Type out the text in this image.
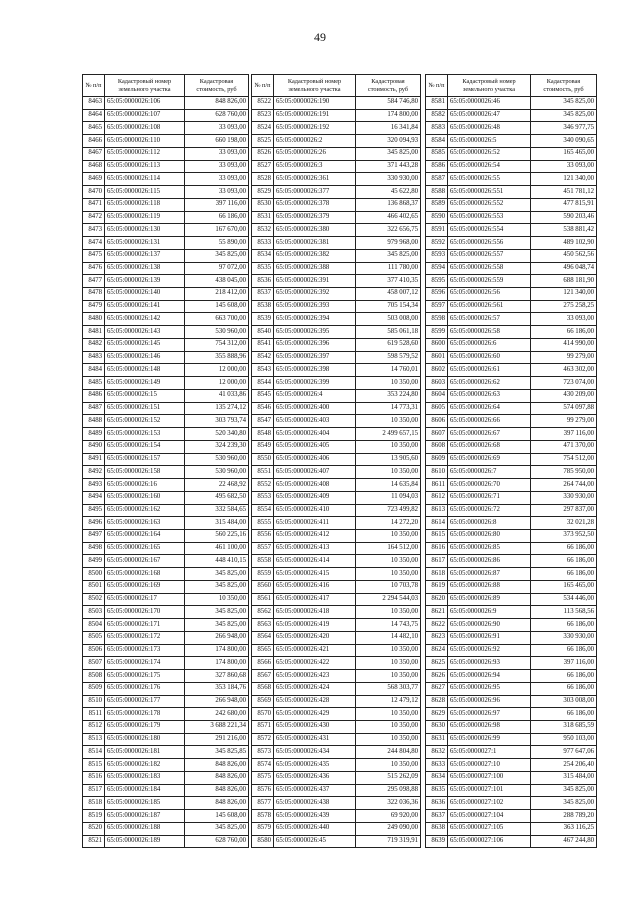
49
№ п/п	Кадастровый номер земельного участка	Кадастровая стоимость, руб
8463	65:05:0000026:106	848 826,00
8464	65:05:0000026:107	628 760,00
8465	65:05:0000026:108	33 093,00
8466	65:05:0000026:110	660 198,00
8467	65:05:0000026:112	33 093,00
8468	65:05:0000026:113	33 093,00
8469	65:05:0000026:114	33 093,00
8470	65:05:0000026:115	33 093,00
8471	65:05:0000026:118	397 116,00
8472	65:05:0000026:119	66 186,00
8473	65:05:0000026:130	167 670,00
8474	65:05:0000026:131	55 890,00
8475	65:05:0000026:137	345 825,00
8476	65:05:0000026:138	97 072,00
8477	65:05:0000026:139	438 045,00
8478	65:05:0000026:140	218 412,00
8479	65:05:0000026:141	145 608,00
8480	65:05:0000026:142	663 700,00
8481	65:05:0000026:143	530 960,00
8482	65:05:0000026:145	754 312,00
8483	65:05:0000026:146	355 888,96
8484	65:05:0000026:148	12 000,00
8485	65:05:0000026:149	12 000,00
8486	65:05:0000026:15	41 033,86
8487	65:05:0000026:151	135 274,12
8488	65:05:0000026:152	303 793,74
8489	65:05:0000026:153	520 340,80
8490	65:05:0000026:154	324 239,30
8491	65:05:0000026:157	530 960,00
8492	65:05:0000026:158	530 960,00
8493	65:05:0000026:16	22 468,92
8494	65:05:0000026:160	495 682,50
8495	65:05:0000026:162	332 584,65
8496	65:05:0000026:163	315 484,00
8497	65:05:0000026:164	560 225,16
8498	65:05:0000026:165	461 100,00
8499	65:05:0000026:167	448 410,15
8500	65:05:0000026:168	345 825,00
8501	65:05:0000026:169	345 825,00
8502	65:05:0000026:17	10 350,00
8503	65:05:0000026:170	345 825,00
8504	65:05:0000026:171	345 825,00
8505	65:05:0000026:172	266 948,00
8506	65:05:0000026:173	174 800,00
8507	65:05:0000026:174	174 800,00
8508	65:05:0000026:175	327 860,68
8509	65:05:0000026:176	353 184,76
8510	65:05:0000026:177	266 948,00
8511	65:05:0000026:178	242 680,00
8512	65:05:0000026:179	3 688 221,34
8513	65:05:0000026:180	291 216,00
8514	65:05:0000026:181	345 825,85
8515	65:05:0000026:182	848 826,00
8516	65:05:0000026:183	848 826,00
8517	65:05:0000026:184	848 826,00
8518	65:05:0000026:185	848 826,00
8519	65:05:0000026:187	145 608,00
8520	65:05:0000026:188	345 825,00
8521	65:05:0000026:189	628 760,00
№ п/п	Кадастровый номер земельного участка	Кадастровая стоимость, руб
8522	65:05:0000026:190	584 746,80
8523	65:05:0000026:191	174 800,00
8524	65:05:0000026:192	16 341,84
8525	65:05:0000026:2	320 094,93
8526	65:05:0000026:26	345 825,00
8527	65:05:0000026:3	371 443,28
8528	65:05:0000026:361	330 930,00
8529	65:05:0000026:377	45 622,80
8530	65:05:0000026:378	136 868,37
8531	65:05:0000026:379	466 402,65
8532	65:05:0000026:380	322 656,75
8533	65:05:0000026:381	979 968,00
8534	65:05:0000026:382	345 825,00
8535	65:05:0000026:388	111 780,00
8536	65:05:0000026:391	377 410,35
8537	65:05:0000026:392	458 007,12
8538	65:05:0000026:393	705 154,34
8539	65:05:0000026:394	503 008,00
8540	65:05:0000026:395	585 061,18
8541	65:05:0000026:396	619 528,60
8542	65:05:0000026:397	598 579,52
8543	65:05:0000026:398	14 760,01
8544	65:05:0000026:399	10 350,00
8545	65:05:0000026:4	353 224,80
8546	65:05:0000026:400	14 773,31
8547	65:05:0000026:403	10 350,00
8548	65:05:0000026:404	2 499 657,15
8549	65:05:0000026:405	10 350,00
8550	65:05:0000026:406	13 905,60
8551	65:05:0000026:407	10 350,00
8552	65:05:0000026:408	14 635,84
8553	65:05:0000026:409	11 094,03
8554	65:05:0000026:410	723 499,82
8555	65:05:0000026:411	14 272,20
8556	65:05:0000026:412	10 350,00
8557	65:05:0000026:413	164 512,00
8558	65:05:0000026:414	10 350,00
8559	65:05:0000026:415	10 350,00
8560	65:05:0000026:416	10 703,78
8561	65:05:0000026:417	2 294 544,03
8562	65:05:0000026:418	10 350,00
8563	65:05:0000026:419	14 743,75
8564	65:05:0000026:420	14 482,10
8565	65:05:0000026:421	10 350,00
8566	65:05:0000026:422	10 350,00
8567	65:05:0000026:423	10 350,00
8568	65:05:0000026:424	568 303,77
8569	65:05:0000026:428	12 479,12
8570	65:05:0000026:429	10 350,00
8571	65:05:0000026:430	10 350,00
8572	65:05:0000026:431	10 350,00
8573	65:05:0000026:434	244 804,80
8574	65:05:0000026:435	10 350,00
8575	65:05:0000026:436	515 262,09
8576	65:05:0000026:437	295 098,88
8577	65:05:0000026:438	322 036,36
8578	65:05:0000026:439	69 920,00
8579	65:05:0000026:440	249 090,00
8580	65:05:0000026:45	719 319,91
№ п/п	Кадастровый номер земельного участка	Кадастровая стоимость, руб
8581	65:05:0000026:46	345 825,00
8582	65:05:0000026:47	345 825,00
8583	65:05:0000026:48	346 977,75
8584	65:05:0000026:5	340 090,65
8585	65:05:0000026:52	165 465,00
8586	65:05:0000026:54	33 093,00
8587	65:05:0000026:55	121 340,00
8588	65:05:0000026:551	451 781,12
8589	65:05:0000026:552	477 815,91
8590	65:05:0000026:553	590 203,46
8591	65:05:0000026:554	538 881,42
8592	65:05:0000026:556	489 102,90
8593	65:05:0000026:557	450 562,56
8594	65:05:0000026:558	496 048,74
8595	65:05:0000026:559	688 181,90
8596	65:05:0000026:56	121 340,00
8597	65:05:0000026:561	275 258,25
8598	65:05:0000026:57	33 093,00
8599	65:05:0000026:58	66 186,00
8600	65:05:0000026:6	414 990,00
8601	65:05:0000026:60	99 279,00
8602	65:05:0000026:61	463 302,00
8603	65:05:0000026:62	723 074,00
8604	65:05:0000026:63	430 209,00
8605	65:05:0000026:64	574 097,88
8606	65:05:0000026:66	99 279,00
8607	65:05:0000026:67	397 116,00
8608	65:05:0000026:68	471 370,00
8609	65:05:0000026:69	754 512,00
8610	65:05:0000026:7	785 950,00
8611	65:05:0000026:70	264 744,00
8612	65:05:0000026:71	330 930,00
8613	65:05:0000026:72	297 837,00
8614	65:05:0000026:8	32 021,28
8615	65:05:0000026:80	373 952,50
8616	65:05:0000026:85	66 186,00
8617	65:05:0000026:86	66 186,00
8618	65:05:0000026:87	66 186,00
8619	65:05:0000026:88	165 465,00
8620	65:05:0000026:89	534 446,00
8621	65:05:0000026:9	113 568,56
8622	65:05:0000026:90	66 186,00
8623	65:05:0000026:91	330 930,00
8624	65:05:0000026:92	66 186,00
8625	65:05:0000026:93	397 116,00
8626	65:05:0000026:94	66 186,00
8627	65:05:0000026:95	66 186,00
8628	65:05:0000026:96	303 008,00
8629	65:05:0000026:97	66 186,00
8630	65:05:0000026:98	318 685,59
8631	65:05:0000026:99	950 103,00
8632	65:05:0000027:1	977 647,06
8633	65:05:0000027:10	254 206,40
8634	65:05:0000027:100	315 484,00
8635	65:05:0000027:101	345 825,00
8636	65:05:0000027:102	345 825,00
8637	65:05:0000027:104	288 789,20
8638	65:05:0000027:105	363 116,25
8639	65:05:0000027:106	467 244,80
